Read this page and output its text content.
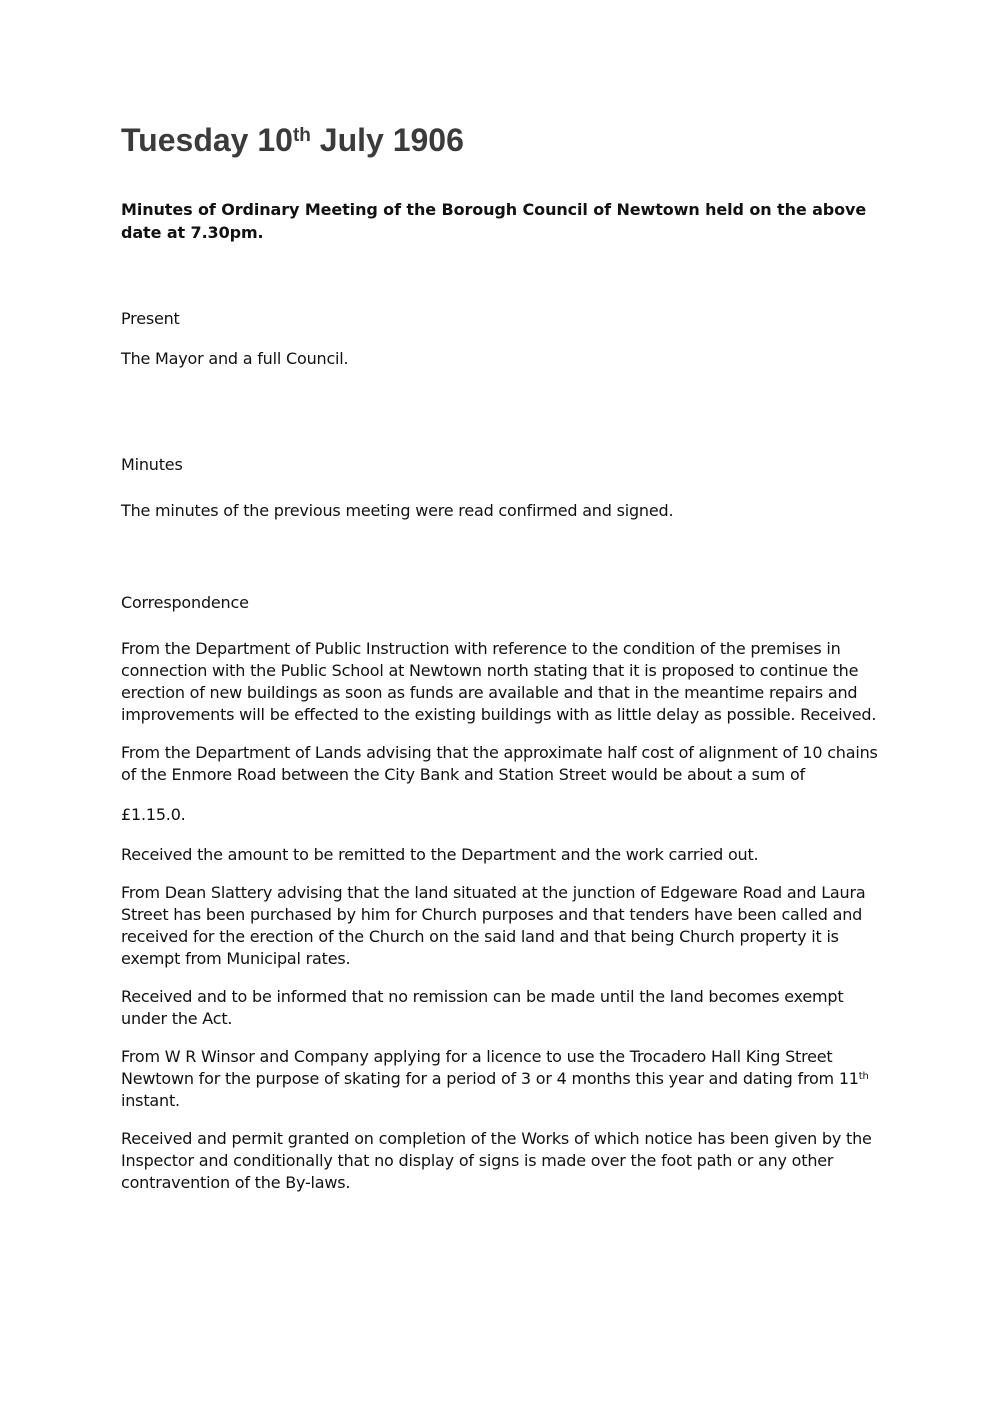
Tuesday 10th July 1906

Minutes of Ordinary Meeting of the Borough Council of Newtown held on the above date at 7.30pm.

Present

The Mayor and a full Council.

Minutes

The minutes of the previous meeting were read confirmed and signed.

Correspondence

From the Department of Public Instruction with reference to the condition of the premises in connection with the Public School at Newtown north stating that it is proposed to continue the erection of new buildings as soon as funds are available and that in the meantime repairs and improvements will be effected to the existing buildings with as little delay as possible. Received.

From the Department of Lands advising that the approximate half cost of alignment of 10 chains of the Enmore Road between the City Bank and Station Street would be about a sum of

£1.15.0.

Received the amount to be remitted to the Department and the work carried out.

From Dean Slattery advising that the land situated at the junction of Edgeware Road and Laura Street has been purchased by him for Church purposes and that tenders have been called and received for the erection of the Church on the said land and that being Church property it is exempt from Municipal rates.

Received and to be informed that no remission can be made until the land becomes exempt under the Act.

From W R Winsor and Company applying for a licence to use the Trocadero Hall King Street Newtown for the purpose of skating for a period of 3 or 4 months this year and dating from 11th instant.

Received and permit granted on completion of the Works of which notice has been given by the Inspector and conditionally that no display of signs is made over the foot path or any other contravention of the By-laws.
